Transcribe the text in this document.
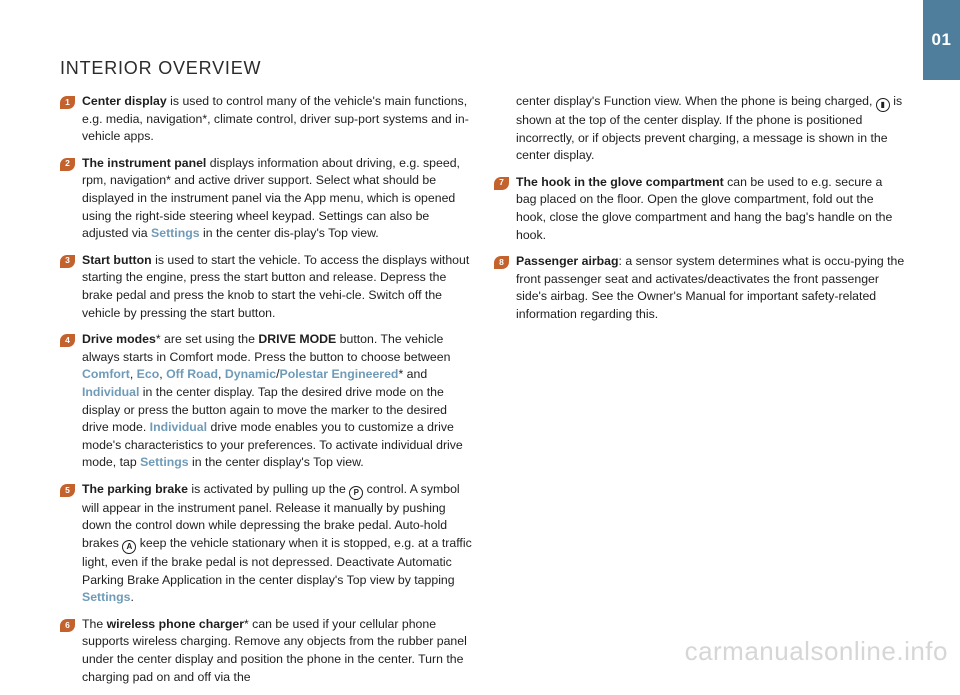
01
INTERIOR OVERVIEW
1 Center display is used to control many of the vehicle's main functions, e.g. media, navigation*, climate control, driver sup-port systems and in-vehicle apps.
2 The instrument panel displays information about driving, e.g. speed, rpm, navigation* and active driver support. Select what should be displayed in the instrument panel via the App menu, which is opened using the right-side steering wheel keypad. Settings can also be adjusted via Settings in the center dis-play's Top view.
3 Start button is used to start the vehicle. To access the displays without starting the engine, press the start button and release. Depress the brake pedal and press the knob to start the vehi-cle. Switch off the vehicle by pressing the start button.
4 Drive modes* are set using the DRIVE MODE button. The vehicle always starts in Comfort mode. Press the button to choose between Comfort, Eco, Off Road, Dynamic/Polestar Engineered* and Individual in the center display. Tap the desired drive mode on the display or press the button again to move the marker to the desired drive mode. Individual drive mode enables you to customize a drive mode's characteristics to your preferences. To activate individual drive mode, tap Settings in the center display's Top view.
5 The parking brake is activated by pulling up the P control. A symbol will appear in the instrument panel. Release it manually by pushing down the control down while depressing the brake pedal. Auto-hold brakes A keep the vehicle stationary when it is stopped, e.g. at a traffic light, even if the brake pedal is not depressed. Deactivate Automatic Parking Brake Application in the center display's Top view by tapping Settings.
6 The wireless phone charger* can be used if your cellular phone supports wireless charging. Remove any objects from the rubber panel under the center display and position the phone in the center. Turn the charging pad on and off via the
center display's Function view. When the phone is being charged, ▮ is shown at the top of the center display. If the phone is positioned incorrectly, or if objects prevent charging, a message is shown in the center display.
7 The hook in the glove compartment can be used to e.g. secure a bag placed on the floor. Open the glove compartment, fold out the hook, close the glove compartment and hang the bag's handle on the hook.
8 Passenger airbag: a sensor system determines what is occu-pying the front passenger seat and activates/deactivates the front passenger side's airbag. See the Owner's Manual for important safety-related information regarding this.
carmanualsonline.info
